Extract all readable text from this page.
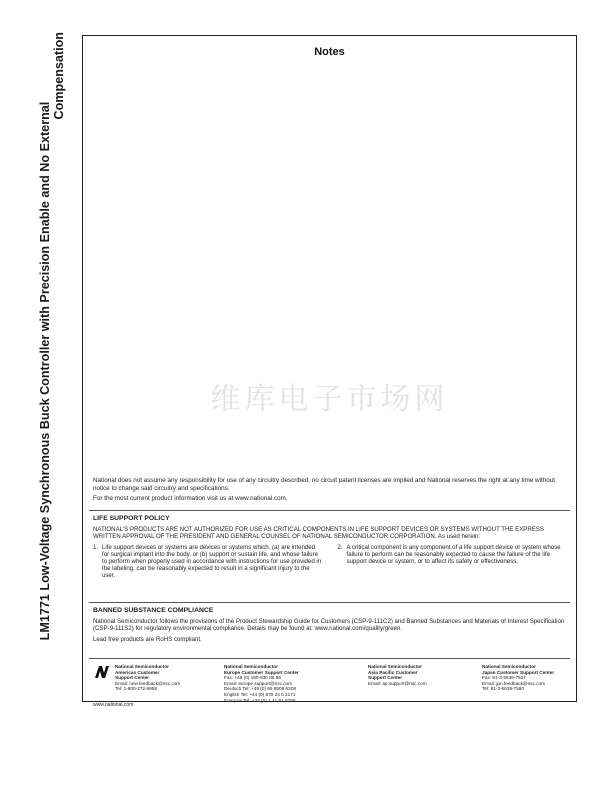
LM1771 Low-Voltage Synchronous Buck Controller with Precision Enable and No External
Compensation	Notes
维库电子市场网

National does not assume any responsibility for use of any circuitry described, no circuit patent licenses are implied and National reserves the right at any time without notice to change said circuitry and specifications.

For the most current product information visit us at www.national.com.

LIFE SUPPORT POLICY

NATIONAL'S PRODUCTS ARE NOT AUTHORIZED FOR USE AS CRITICAL COMPONENTS IN LIFE SUPPORT DEVICES OR SYSTEMS WITHOUT THE EXPRESS WRITTEN APPROVAL OF THE PRESIDENT AND GENERAL COUNSEL OF NATIONAL SEMICONDUCTOR CORPORATION. As used herein:

1. Life support devices or systems are devices or systems which, (a) are intended for surgical implant into the body, or (b) support or sustain life, and whose failure to perform when properly used in accordance with instructions for use provided in the labeling, can be reasonably expected to result in a significant injury to the user.
2. A critical component is any component of a life support device or system whose failure to perform can be reasonably expected to cause the failure of the life support device or system, or to affect its safety or effectiveness.
BANNED SUBSTANCE COMPLIANCE

National Semiconductor follows the provisions of the Product Stewardship Guide for Customers (CSP-9-111C2) and Banned Substances and Materials of Interest Specification (CSP-9-111S2) for regulatory environmental compliance. Details may be found at: www.national.com/quality/green.

Lead free products are RoHS compliant.

National Semiconductor
Americas Customer
Support Center
Email: new.feedback@nsc.com
Tel: 1-800-272-9959
National Semiconductor
Europe Customer Support Center
Fax: +49 (0) 180-530 85 86
Email: europe.support@nsc.com
Deutsch Tel: +49 (0) 69 9508 6208
English Tel: +44 (0) 870 24 0 2171
Français Tel: +33 (0) 1 41 91 8790
National Semiconductor
Asia Pacific Customer
Support Center
Email: ap.support@nsc.com
National Semiconductor
Japan Customer Support Center
Fax: 81-3-5639-7507
Email: jpn.feedback@nsc.com
Tel: 81-3-5639-7560
www.national.com
